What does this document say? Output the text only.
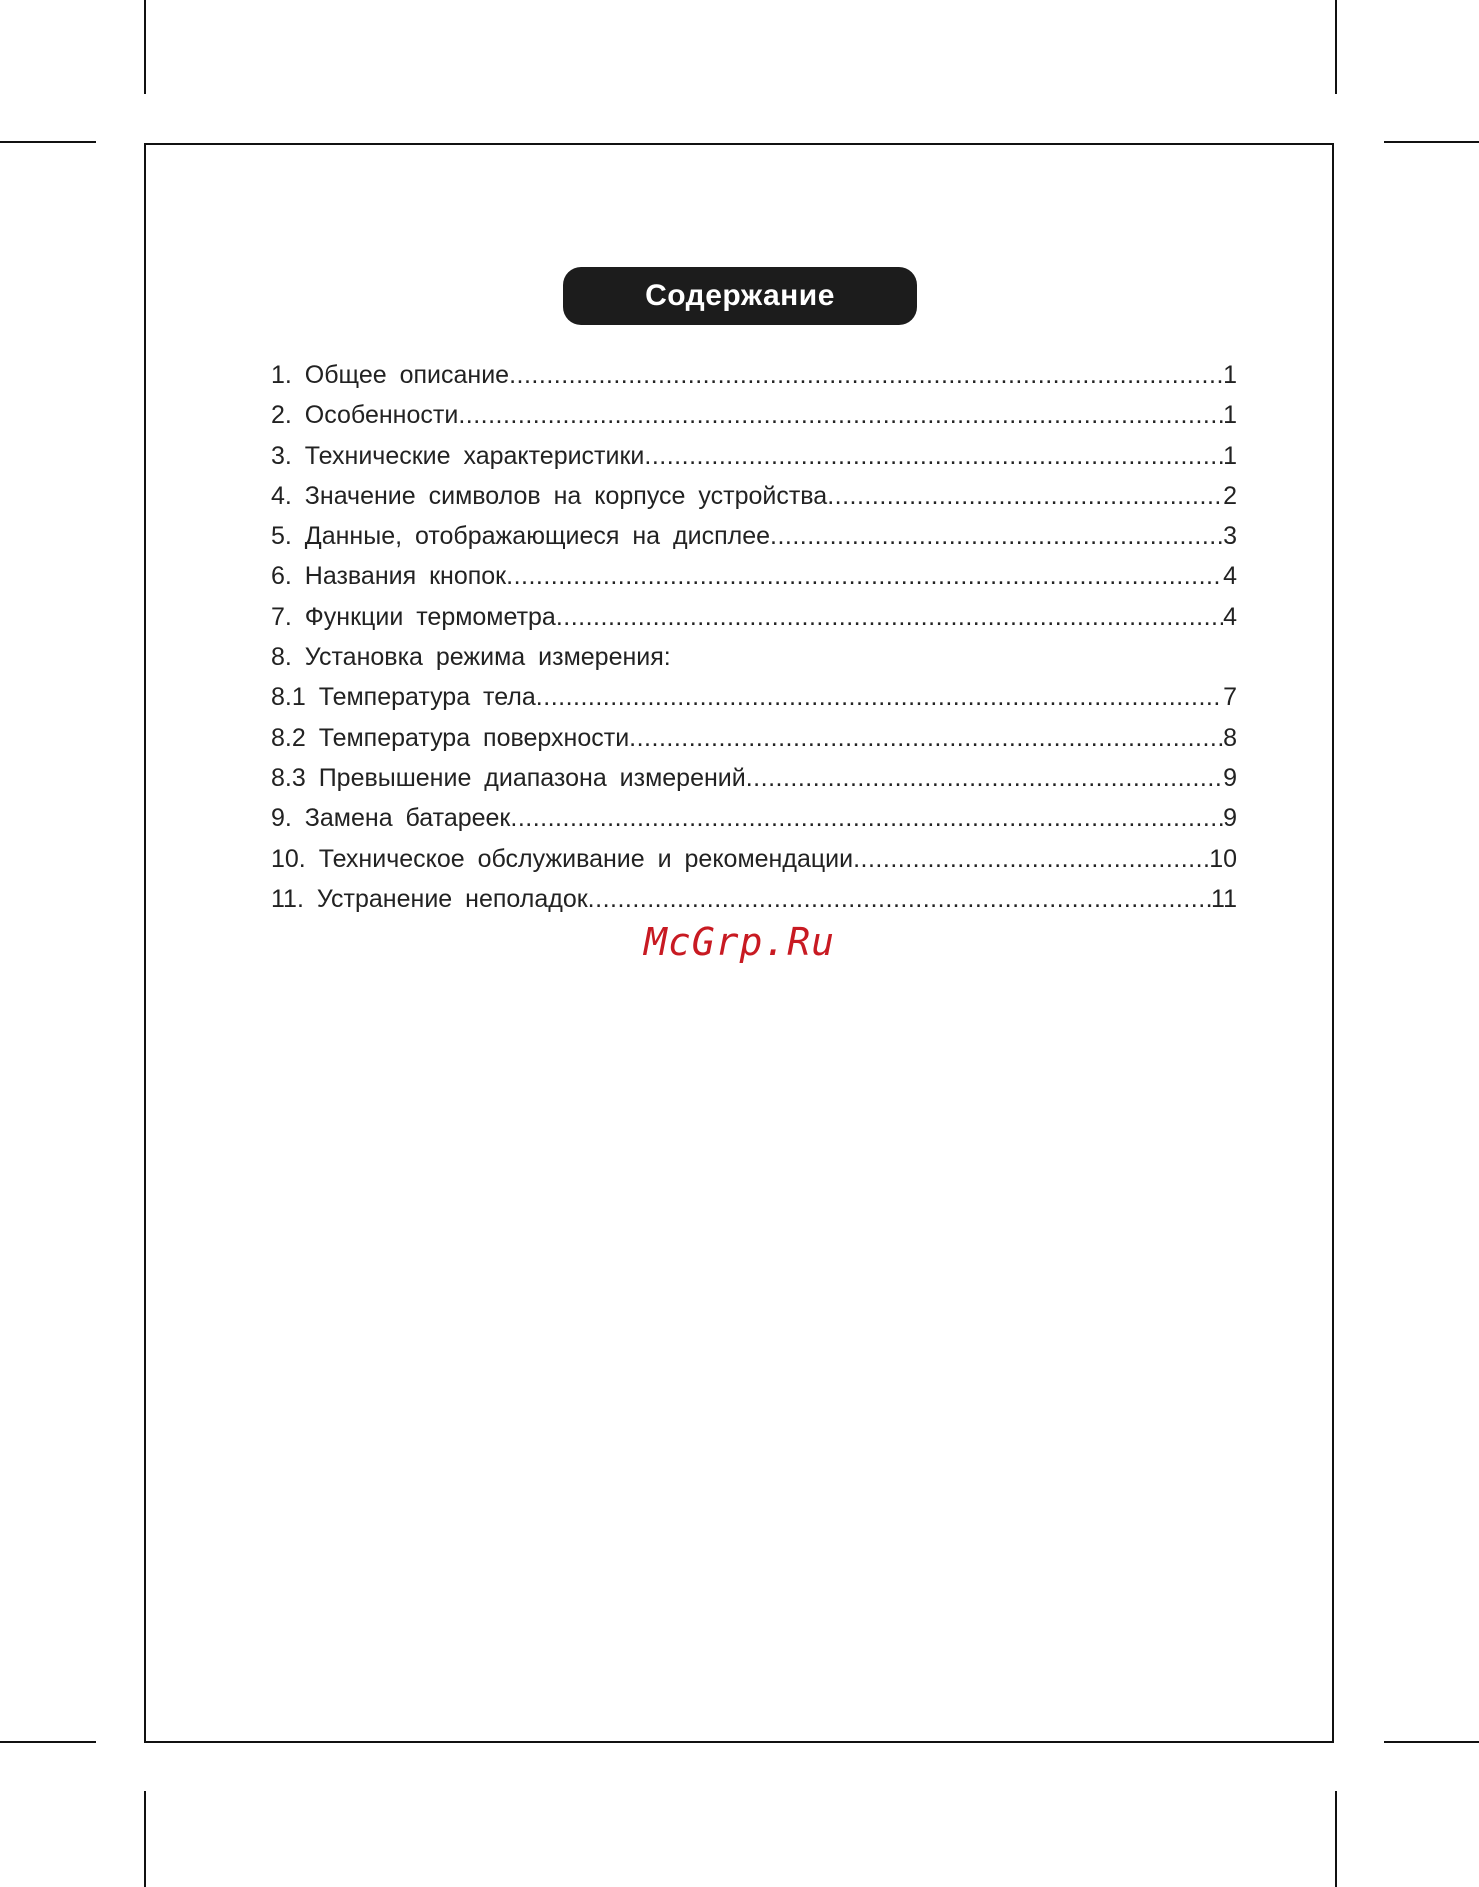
Содержание
1. Общее описание .....	1
2. Особенности .....	1
3. Технические характеристики .....	1
4. Значение символов на корпусе устройства .....	2
5. Данные, отображающиеся на дисплее .....	3
6. Названия кнопок .....	4
7. Функции термометра .....	4
8. Установка режима измерения:
8.1 Температура тела .....	7
8.2 Температура поверхности .....	8
8.3 Превышение диапазона измерений .....	9
9. Замена батареек .....	9
10. Техническое обслуживание и рекомендации .....	10
11. Устранение неполадок .....	11
McGrp.Ru
